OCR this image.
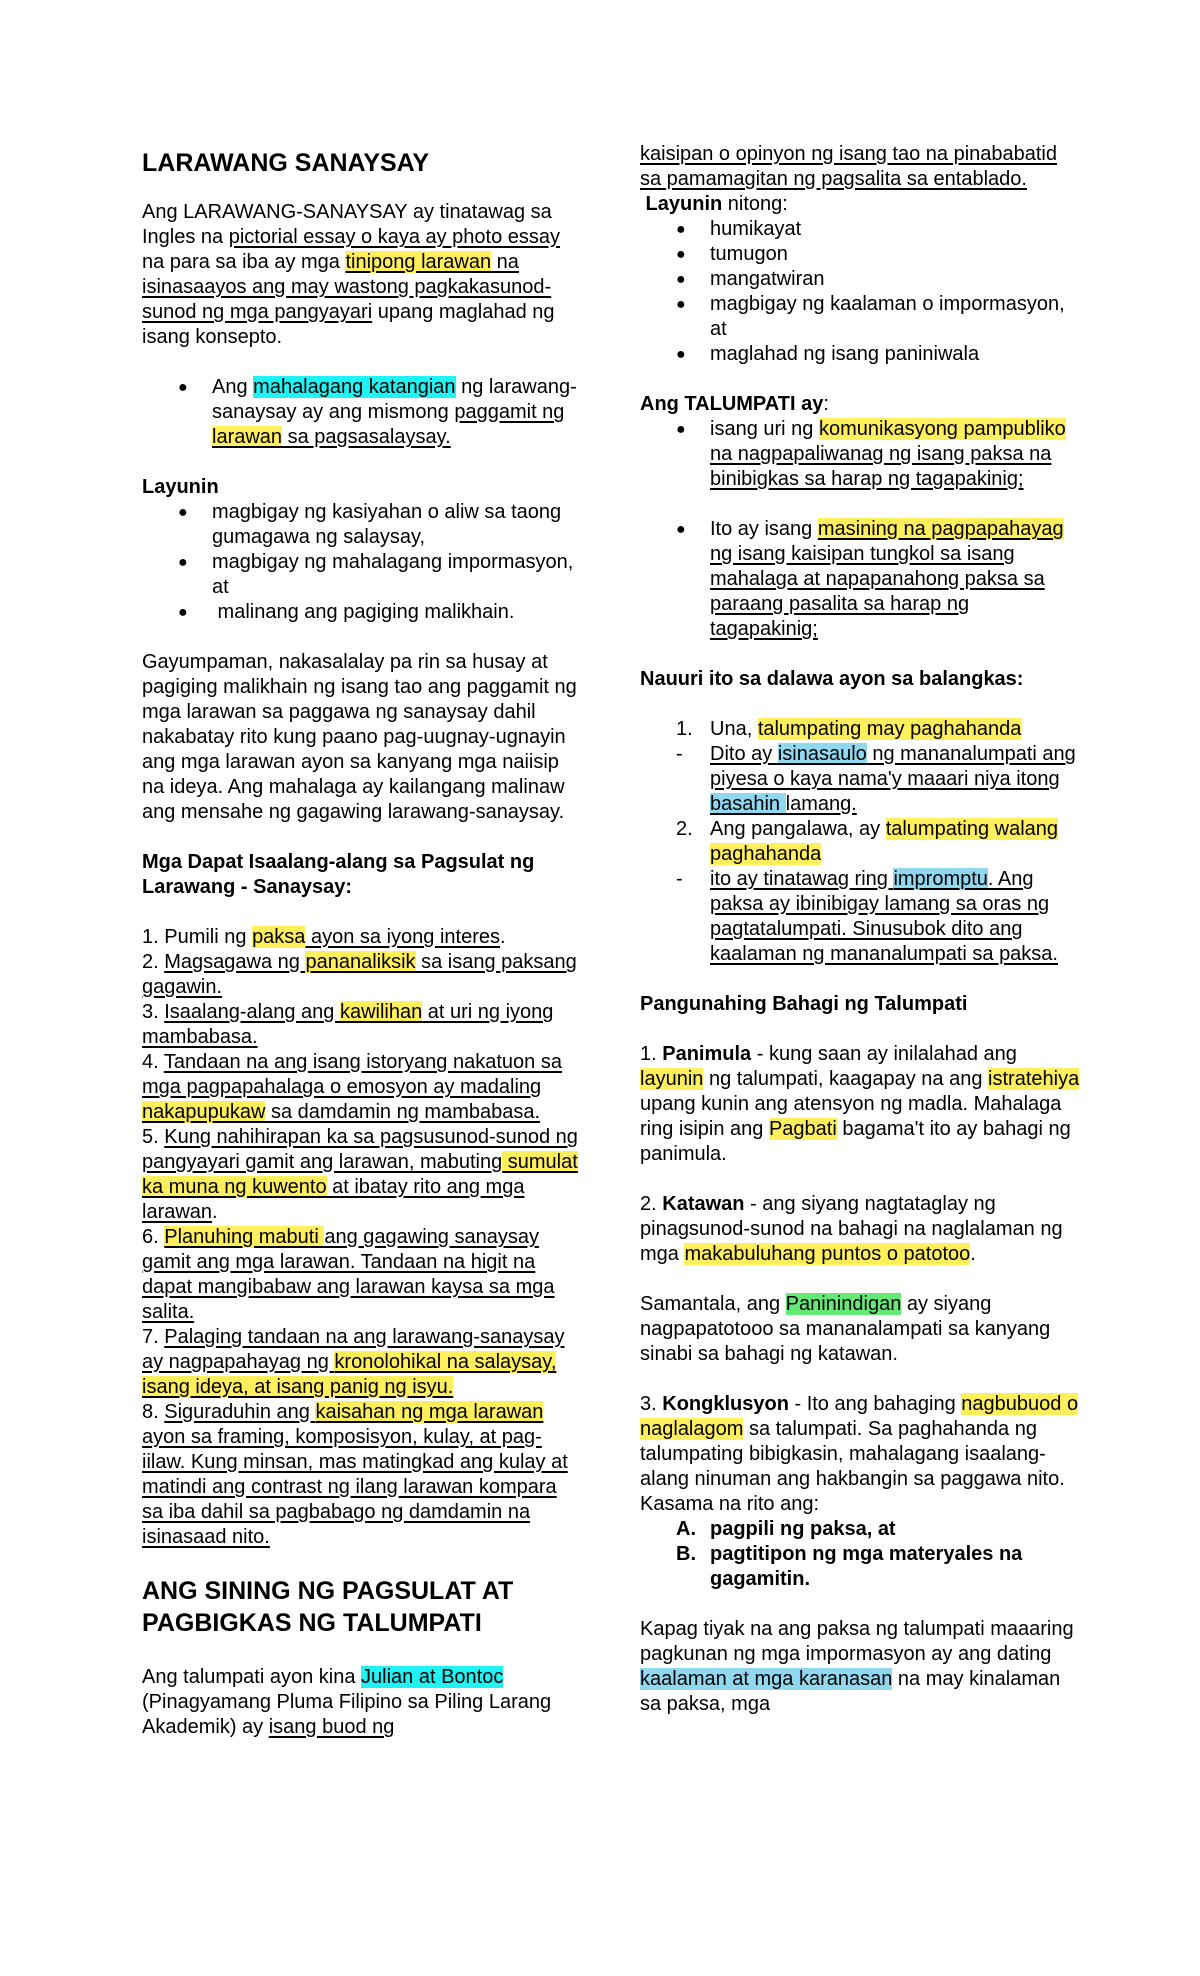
LARAWANG SANAYSAY

Ang LARAWANG-SANAYSAY ay tinatawag sa Ingles na pictorial essay o kaya ay photo essay na para sa iba ay mga tinipong larawan na isinasaayos ang may wastong pagkakasunod-sunod ng mga pangyayari upang maglahad ng isang konsepto.

● Ang mahalagang katangian ng larawang-sanaysay ay ang mismong paggamit ng larawan sa pagsasalaysay.
Layunin
● magbigay ng kasiyahan o aliw sa taong gumagawa ng salaysay,
● magbigay ng mahalagang impormasyon, at
●  malinang ang pagiging malikhain.

Gayumpaman, nakasalalay pa rin sa husay at pagiging malikhain ng isang tao ang paggamit ng mga larawan sa paggawa ng sanaysay dahil nakabatay rito kung paano pag-uugnay-ugnayin ang mga larawan ayon sa kanyang mga naiisip na ideya. Ang mahalaga ay kailangang malinaw ang mensahe ng gagawing larawang-sanaysay.

Mga Dapat Isaalang-alang sa Pagsulat ng Larawang - Sanaysay:
1. Pumili ng paksa ayon sa iyong interes.
2. Magsagawa ng pananaliksik sa isang paksang gagawin.
3. Isaalang-alang ang kawilihan at uri ng iyong mambabasa.
4. Tandaan na ang isang istoryang nakatuon sa mga pagpapahalaga o emosyon ay madaling nakapupukaw sa damdamin ng mambabasa.
5. Kung nahihirapan ka sa pagsusunod-sunod ng pangyayari gamit ang larawan, mabuting sumulat ka muna ng kuwento at ibatay rito ang mga larawan.
6. Planuhing mabuti ang gagawing sanaysay gamit ang mga larawan. Tandaan na higit na dapat mangibabaw ang larawan kaysa sa mga salita.
7. Palaging tandaan na ang larawang-sanaysay ay nagpapahayag ng kronolohikal na salaysay, isang ideya, at isang panig ng isyu.
8. Siguraduhin ang kaisahan ng mga larawan ayon sa framing, komposisyon, kulay, at pag-iilaw. Kung minsan, mas matingkad ang kulay at matindi ang contrast ng ilang larawan kompara sa iba dahil sa pagbabago ng damdamin na isinasaad nito.
ANG SINING NG PAGSULAT AT PAGBIGKAS NG TALUMPATI

Ang talumpati ayon kina Julian at Bontoc (Pinagyamang Pluma Filipino sa Piling Larang Akademik) ay isang buod ng

kaisipan o opinyon ng isang tao na pinababatid sa pamamagitan ng pagsalita sa entablado.

Layunin nitong:
● humikayat
● tumugon
● mangatwiran
● magbigay ng kaalaman o impormasyon, at
● maglahad ng isang paniniwala
Ang TALUMPATI ay:
● isang uri ng komunikasyong pampubliko na nagpapaliwanag ng isang paksa na binibigkas sa harap ng tagapakinig;
● Ito ay isang masining na pagpapahayag ng isang kaisipan tungkol sa isang mahalaga at napapanahong paksa sa paraang pasalita sa harap ng tagapakinig;
Nauuri ito sa dalawa ayon sa balangkas:
1. Una, talumpating may paghahanda
- Dito ay isinasaulo ng mananalumpati ang piyesa o kaya nama'y maaari niya itong basahin lamang.
2. Ang pangalawa, ay talumpating walang paghahanda
- ito ay tinatawag ring impromptu. Ang paksa ay ibinibigay lamang sa oras ng pagtatalumpati. Sinusubok dito ang kaalaman ng mananalumpati sa paksa.
Pangunahing Bahagi ng Talumpati

1. Panimula - kung saan ay inilalahad ang layunin ng talumpati, kaagapay na ang istratehiya upang kunin ang atensyon ng madla. Mahalaga ring isipin ang Pagbati bagama't ito ay bahagi ng panimula.

2. Katawan - ang siyang nagtataglay ng pinagsunod-sunod na bahagi na naglalaman ng mga makabuluhang puntos o patotoo.

Samantala, ang Paninindigan ay siyang nagpapatotooo sa mananalampati sa kanyang sinabi sa bahagi ng katawan.

3. Kongklusyon - Ito ang bahaging nagbubuod o naglalagom sa talumpati. Sa paghahanda ng talumpating bibigkasin, mahalagang isaalang-alang ninuman ang hakbangin sa paggawa nito. Kasama na rito ang:

A. pagpili ng paksa, at
B. pagtitipon ng mga materyales na gagamitin.

Kapag tiyak na ang paksa ng talumpati maaaring pagkunan ng mga impormasyon ay ang dating kaalaman at mga karanasan na may kinalaman sa paksa, mga
